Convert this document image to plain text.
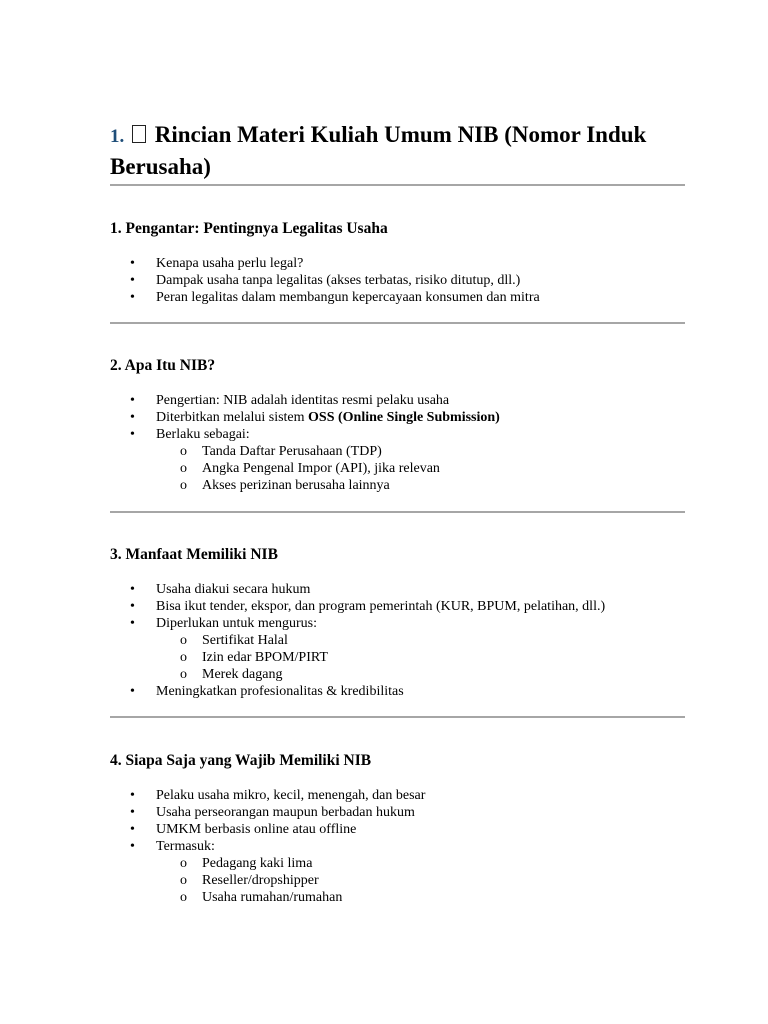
1. Rincian Materi Kuliah Umum NIB (Nomor Induk Berusaha)
1. Pengantar: Pentingnya Legalitas Usaha
• Kenapa usaha perlu legal?
• Dampak usaha tanpa legalitas (akses terbatas, risiko ditutup, dll.)
• Peran legalitas dalam membangun kepercayaan konsumen dan mitra
2. Apa Itu NIB?
• Pengertian: NIB adalah identitas resmi pelaku usaha
• Diterbitkan melalui sistem OSS (Online Single Submission)
• Berlaku sebagai:
o Tanda Daftar Perusahaan (TDP)
o Angka Pengenal Impor (API), jika relevan
o Akses perizinan berusaha lainnya
3. Manfaat Memiliki NIB
• Usaha diakui secara hukum
• Bisa ikut tender, ekspor, dan program pemerintah (KUR, BPUM, pelatihan, dll.)
• Diperlukan untuk mengurus:
o Sertifikat Halal
o Izin edar BPOM/PIRT
o Merek dagang
• Meningkatkan profesionalitas & kredibilitas
4. Siapa Saja yang Wajib Memiliki NIB
• Pelaku usaha mikro, kecil, menengah, dan besar
• Usaha perseorangan maupun berbadan hukum
• UMKM berbasis online atau offline
• Termasuk:
o Pedagang kaki lima
o Reseller/dropshipper
o Usaha rumahan/rumahan
